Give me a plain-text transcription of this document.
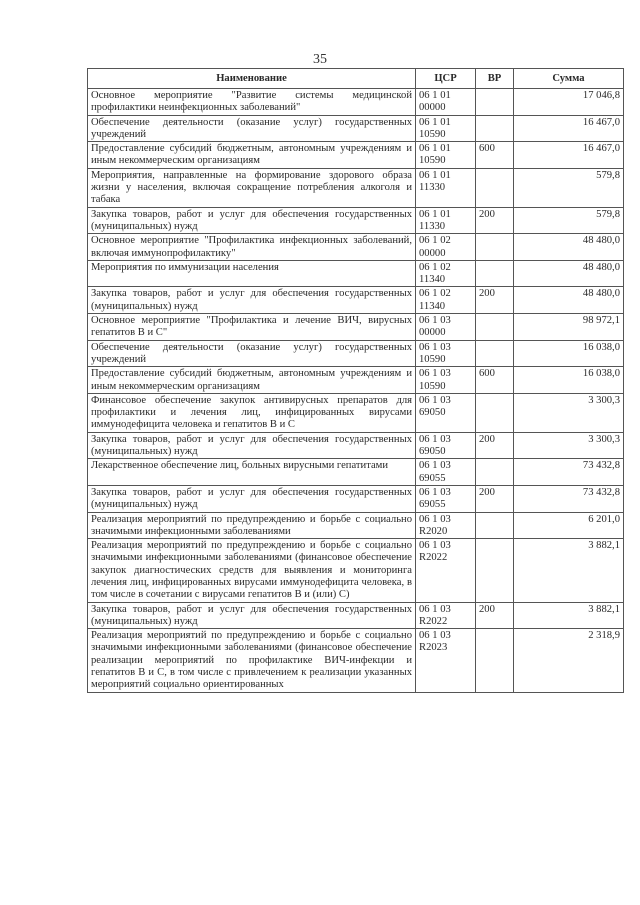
35
Наименование	ЦСР	ВР	Сумма
Основное мероприятие "Развитие системы медицинской профилактики неинфекционных заболеваний"	06 1 01 00000		17 046,8
Обеспечение деятельности (оказание услуг) государственных учреждений	06 1 01 10590		16 467,0
Предоставление субсидий бюджетным, автономным учреждениям и иным некоммерческим организациям	06 1 01 10590	600	16 467,0
Мероприятия, направленные на формирование здорового образа жизни у населения, включая сокращение потребления алкоголя и табака	06 1 01 11330		579,8
Закупка товаров, работ и услуг для обеспечения государственных (муниципальных) нужд	06 1 01 11330	200	579,8
Основное мероприятие "Профилактика инфекционных заболеваний, включая иммунопрофилактику"	06 1 02 00000		48 480,0
Мероприятия по иммунизации населения	06 1 02 11340		48 480,0
Закупка товаров, работ и услуг для обеспечения государственных (муниципальных) нужд	06 1 02 11340	200	48 480,0
Основное мероприятие "Профилактика и лечение ВИЧ, вирусных гепатитов В и С"	06 1 03 00000		98 972,1
Обеспечение деятельности (оказание услуг) государственных учреждений	06 1 03 10590		16 038,0
Предоставление субсидий бюджетным, автономным учреждениям и иным некоммерческим организациям	06 1 03 10590	600	16 038,0
Финансовое обеспечение закупок антивирусных препаратов для профилактики и лечения лиц, инфицированных вирусами иммунодефицита человека и гепатитов В и С	06 1 03 69050		3 300,3
Закупка товаров, работ и услуг для обеспечения государственных (муниципальных) нужд	06 1 03 69050	200	3 300,3
Лекарственное обеспечение лиц, больных вирусными гепатитами	06 1 03 69055		73 432,8
Закупка товаров, работ и услуг для обеспечения государственных (муниципальных) нужд	06 1 03 69055	200	73 432,8
Реализация мероприятий по предупреждению и борьбе с социально значимыми инфекционными заболеваниями	06 1 03 R2020		6 201,0
Реализация мероприятий по предупреждению и борьбе с социально значимыми инфекционными заболеваниями (финансовое обеспечение закупок диагностических средств для выявления и мониторинга лечения лиц, инфицированных вирусами иммунодефицита человека, в том числе в сочетании с вирусами гепатитов В и (или) С)	06 1 03 R2022		3 882,1
Закупка товаров, работ и услуг для обеспечения государственных (муниципальных) нужд	06 1 03 R2022	200	3 882,1
Реализация мероприятий по предупреждению и борьбе с социально значимыми инфекционными заболеваниями (финансовое обеспечение реализации мероприятий по профилактике ВИЧ-инфекции и гепатитов В и С, в том числе с привлечением к реализации указанных мероприятий социально ориентированных	06 1 03 R2023		2 318,9
